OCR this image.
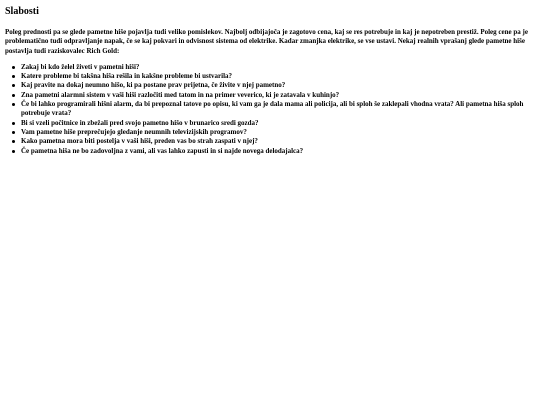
Slabosti

Poleg prednosti pa se glede pametne hiše pojavlja tudi veliko pomislekov. Najbolj odbijajoča je zagotovo cena, kaj se res potrebuje in kaj je nepotreben prestiž. Poleg cene pa je problematično tudi odpravljanje napak, če se kaj pokvari in odvisnost sistema od elektrike. Kadar zmanjka elektrike, se vse ustavi. Nekaj realnih vprašanj glede pametne hiše postavlja tudi raziskovalec Rich Gold:

Zakaj bi kdo želel živeti v pametni hiši?
Katere probleme bi takšna hiša rešila in kakšne probleme bi ustvarila?
Kaj pravite na dokaj neumno hišo, ki pa postane prav prijetna, če živite v njej pametno?
Zna pametni alarmni sistem v vaši hiši razločiti med tatom in na primer veverico, ki je zatavala v kuhinjo?
Če bi lahko programirali hišni alarm, da bi prepoznal tatove po opisu, ki vam ga je dala mama ali policija, ali bi sploh še zaklepali vhodna vrata? Ali pametna hiša sploh potrebuje vrata?
Bi si vzeli počitnice in zbežali pred svojo pametno hišo v brunarico sredi gozda?
Vam pametne hiše preprečujejo gledanje neumnih televizijskih programov?
Kako pametna mora biti postelja v vaši hiši, preden vas bo strah zaspati v njej?
Če pametna hiša ne bo zadovoljna z vami, ali vas lahko zapusti in si najde novega delodajalca?
